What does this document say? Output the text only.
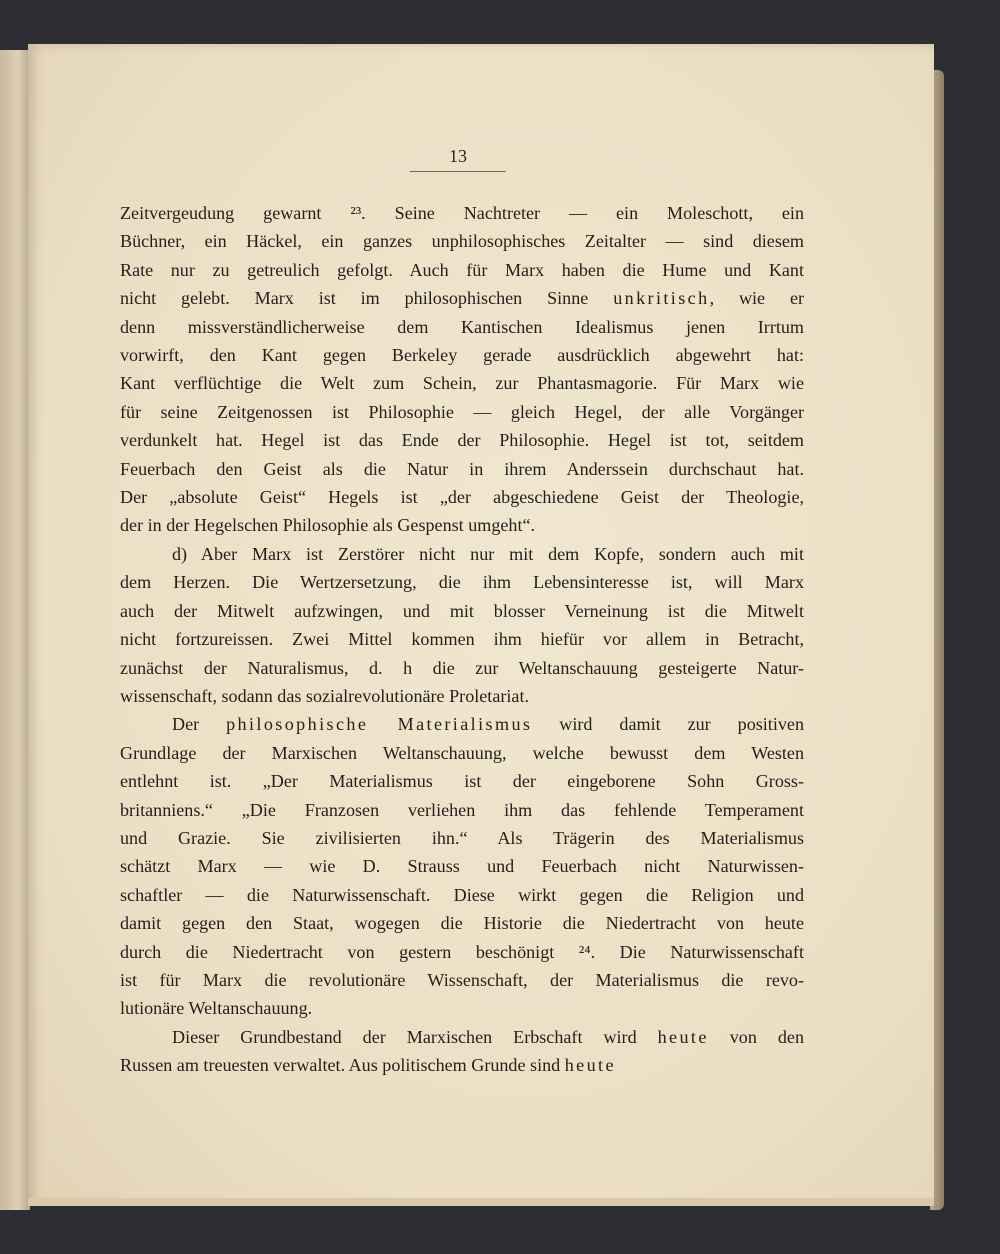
13
Zeitvergeudung gewarnt ²³. Seine Nachtreter — ein Moleschott, ein
Büchner, ein Häckel, ein ganzes unphilosophisches Zeitalter — sind diesem
Rate nur zu getreulich gefolgt. Auch für Marx haben die Hume und Kant
nicht gelebt. Marx ist im philosophischen Sinne unkritisch, wie er
denn missverständlicherweise dem Kantischen Idealismus jenen Irrtum
vorwirft, den Kant gegen Berkeley gerade ausdrücklich abgewehrt hat:
Kant verflüchtige die Welt zum Schein, zur Phantasmagorie. Für Marx wie
für seine Zeitgenossen ist Philosophie — gleich Hegel, der alle Vorgänger
verdunkelt hat. Hegel ist das Ende der Philosophie. Hegel ist tot, seitdem
Feuerbach den Geist als die Natur in ihrem Anderssein durchschaut hat.
Der „absolute Geist“ Hegels ist „der abgeschiedene Geist der Theologie,
der in der Hegelschen Philosophie als Gespenst umgeht“.
d) Aber Marx ist Zerstörer nicht nur mit dem Kopfe, sondern auch mit
dem Herzen. Die Wertzersetzung, die ihm Lebensinteresse ist, will Marx
auch der Mitwelt aufzwingen, und mit blosser Verneinung ist die Mitwelt
nicht fortzureissen. Zwei Mittel kommen ihm hiefür vor allem in Betracht,
zunächst der Naturalismus, d. h die zur Weltanschauung gesteigerte Natur-
wissenschaft, sodann das sozialrevolutionäre Proletariat.
Der philosophische Materialismus wird damit zur positiven
Grundlage der Marxischen Weltanschauung, welche bewusst dem Westen
entlehnt ist. „Der Materialismus ist der eingeborene Sohn Gross-
britanniens.“ „Die Franzosen verliehen ihm das fehlende Temperament
und Grazie. Sie zivilisierten ihn.“ Als Trägerin des Materialismus
schätzt Marx — wie D. Strauss und Feuerbach nicht Naturwissen-
schaftler — die Naturwissenschaft. Diese wirkt gegen die Religion und
damit gegen den Staat, wogegen die Historie die Niedertracht von heute
durch die Niedertracht von gestern beschönigt ²⁴. Die Naturwissenschaft
ist für Marx die revolutionäre Wissenschaft, der Materialismus die revo-
lutionäre Weltanschauung.
Dieser Grundbestand der Marxischen Erbschaft wird heute von den
Russen am treuesten verwaltet. Aus politischem Grunde sind heute
